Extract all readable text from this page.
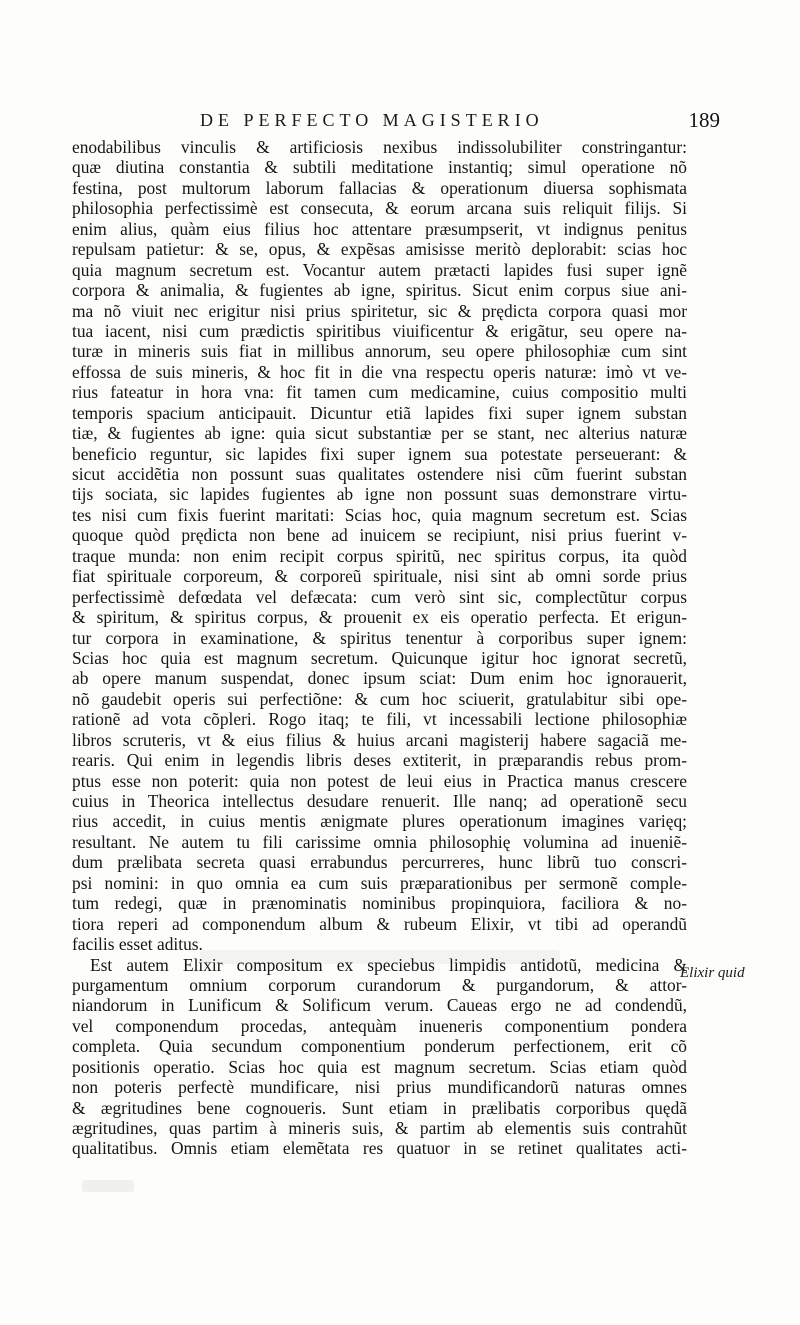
DE PERFECTO MAGISTERIO	189
enodabilibus vinculis & artificiosis nexibus indissolubiliter constringantur:
quæ diutina constantia & subtili meditatione instantiq; simul operatione nõ
festina, post multorum laborum fallacias & operationum diuersa sophismata
philosophia perfectissimè est consecuta, & eorum arcana suis reliquit filijs. Si
enim alius, quàm eius filius hoc attentare præsumpserit, vt indignus penitus
repulsam patietur: & se, opus, & expẽsas amisisse meritò deplorabit: scias hoc
quia magnum secretum est. Vocantur autem prætacti lapides fusi super ignẽ
corpora & animalia, & fugientes ab igne, spiritus. Sicut enim corpus siue ani-
ma nõ viuit nec erigitur nisi prius spiritetur, sic & prędicta corpora quasi mor
tua iacent, nisi cum prædictis spiritibus viuificentur & erigãtur, seu opere na-
turæ in mineris suis fiat in millibus annorum, seu opere philosophiæ cum sint
effossa de suis mineris, & hoc fit in die vna respectu operis naturæ: imò vt ve-
rius fateatur in hora vna: fit tamen cum medicamine, cuius compositio multi
temporis spacium anticipauit. Dicuntur etiã lapides fixi super ignem substan
tiæ, & fugientes ab igne: quia sicut substantiæ per se stant, nec alterius naturæ
beneficio reguntur, sic lapides fixi super ignem sua potestate perseuerant: &
sicut accidẽtia non possunt suas qualitates ostendere nisi cũm fuerint substan
tijs sociata, sic lapides fugientes ab igne non possunt suas demonstrare virtu-
tes nisi cum fixis fuerint maritati: Scias hoc, quia magnum secretum est. Scias
quoque quòd prędicta non bene ad inuicem se recipiunt, nisi prius fuerint v-
traque munda: non enim recipit corpus spiritũ, nec spiritus corpus, ita quòd
fiat spirituale corporeum, & corporeũ spirituale, nisi sint ab omni sorde prius
perfectissimè defœdata vel defæcata: cum verò sint sic, complectũtur corpus
& spiritum, & spiritus corpus, & prouenit ex eis operatio perfecta. Et erigun-
tur corpora in examinatione, & spiritus tenentur à corporibus super ignem:
Scias hoc quia est magnum secretum. Quicunque igitur hoc ignorat secretũ,
ab opere manum suspendat, donec ipsum sciat: Dum enim hoc ignorauerit,
nõ gaudebit operis sui perfectiõne: & cum hoc sciuerit, gratulabitur sibi ope-
rationẽ ad vota cõpleri. Rogo itaq; te fili, vt incessabili lectione philosophiæ
libros scruteris, vt & eius filius & huius arcani magisterij habere sagaciã me-
rearis. Qui enim in legendis libris deses extiterit, in præparandis rebus prom-
ptus esse non poterit: quia non potest de leui eius in Practica manus crescere
cuius in Theorica intellectus desudare renuerit. Ille nanq; ad operationẽ secu
rius accedit, in cuius mentis ænigmate plures operationum imagines varięq;
resultant. Ne autem tu fili carissime omnia philosophię volumina ad inueniẽ-
dum prælibata secreta quasi errabundus percurreres, hunc librũ tuo conscri-
psi nomini: in quo omnia ea cum suis præparationibus per sermonẽ comple-
tum redegi, quæ in prænominatis nominibus propinquiora, faciliora & no-
tiora reperi ad componendum album & rubeum Elixir, vt tibi ad operandũ
facilis esset aditus.
Est autem Elixir compositum ex speciebus limpidis antidotũ, medicina &
purgamentum omnium corporum curandorum & purgandorum, & attor-
niandorum in Lunificum & Solificum verum. Caueas ergo ne ad condendũ,
vel componendum procedas, antequàm inueneris componentium pondera
completa. Quia secundum componentium ponderum perfectionem, erit cõ
positionis operatio. Scias hoc quia est magnum secretum. Scias etiam quòd
non poteris perfectè mundificare, nisi prius mundificandorũ naturas omnes
& ægritudines bene cognoueris. Sunt etiam in prælibatis corporibus quędã
ægritudines, quas partim à mineris suis, & partim ab elementis suis contrahũt
qualitatibus. Omnis etiam elemẽtata res quatuor in se retinet qualitates acti-
Elixir quid
